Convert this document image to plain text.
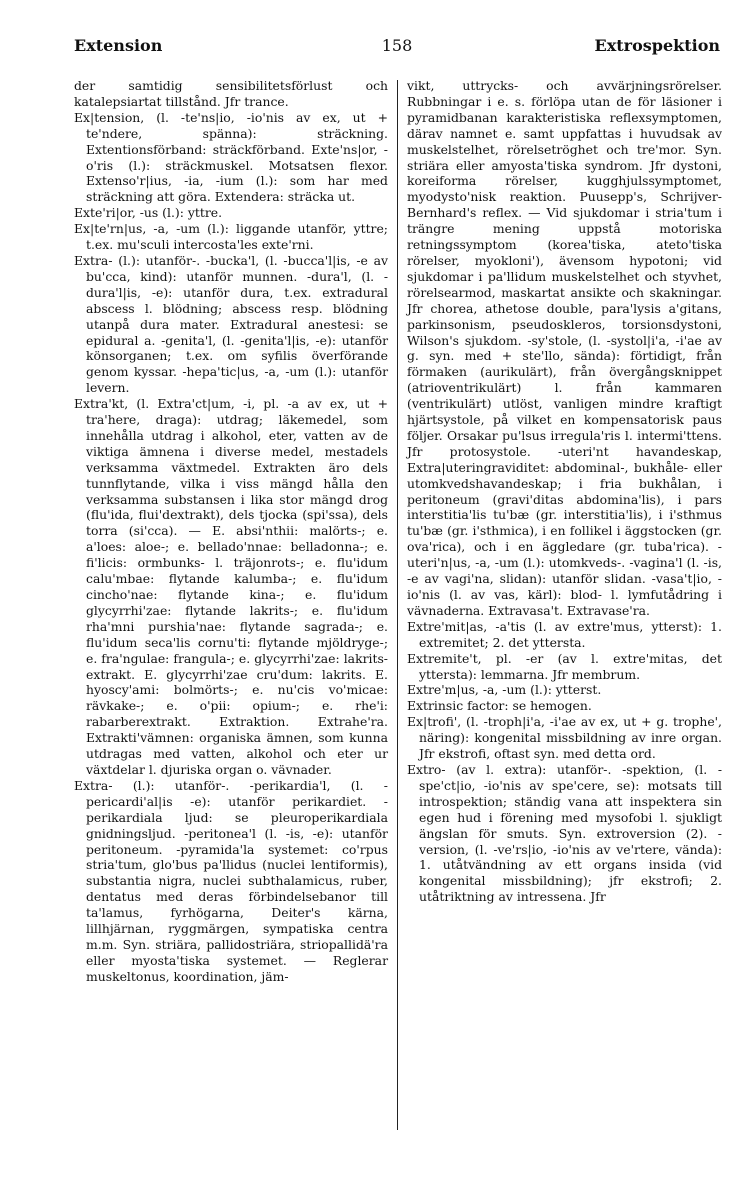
Extension	158	Extrospektion

der samtidig sensibilitetsförlust och katalepsiartat tillstånd. Jfr trance.

Ex|tension, (l. -te'ns|io, -io'nis av ex, ut + te'ndere, spänna): sträckning. Extentionsförband: sträckförband. Exte'ns|or, -o'ris (l.): sträckmuskel. Motsatsen flexor. Extenso'r|ius, -ia, -ium (l.): som har med sträckning att göra. Extendera: sträcka ut.

Exte'ri|or, -us (l.): yttre.

Ex|te'rn|us, -a, -um (l.): liggande utanför, yttre; t.ex. mu'sculi intercosta'les exte'rni.

Extra- (l.): utanför-. -bucka'l, (l. -bucca'l|is, -e av bu'cca, kind): utanför munnen. -dura'l, (l. -dura'l|is, -e): utanför dura, t.ex. extradural abscess l. blödning; abscess resp. blödning utanpå dura mater. Extradural anestesi: se epidural a. -genita'l, (l. -genita'l|is, -e): utanför könsorganen; t.ex. om syfilis överförande genom kyssar. -hepa'tic|us, -a, -um (l.): utanför levern.

Extra'kt, (l. Extra'ct|um, -i, pl. -a av ex, ut + tra'here, draga): utdrag; läkemedel, som innehålla utdrag i alkohol, eter, vatten av de viktiga ämnena i diverse medel, mestadels verksamma växtmedel. Extrakten äro dels tunnflytande, vilka i viss mängd hålla den verksamma substansen i lika stor mängd drog (flu'ida, flui'dextrakt), dels tjocka (spi'ssa), dels torra (si'cca). — E. absi'nthii: malörts-; e. a'loes: aloe-; e. bellado'nnae: belladonna-; e. fi'licis: ormbunks- l. träjonrots-; e. flu'idum calu'mbae: flytande kalumba-; e. flu'idum cincho'nae: flytande kina-; e. flu'idum glycyrrhi'zae: flytande lakrits-; e. flu'idum rha'mni purshia'nae: flytande sagrada-; e. flu'idum seca'lis cornu'ti: flytande mjöldryge-; e. fra'ngulae: frangula-; e. glycyrrhi'zae: lakrits-extrakt. E. glycyrrhi'zae cru'dum: lakrits. E. hyoscy'ami: bolmörts-; e. nu'cis vo'micae: rävkake-; e. o'pii: opium-; e. rhe'i: rabarberextrakt. Extraktion. Extrahe'ra. Extrakti'vämnen: organiska ämnen, som kunna utdragas med vatten, alkohol och eter ur växtdelar l. djuriska organ o. vävnader.

Extra- (l.): utanför-. -perikardia'l, (l. -pericardi'al|is -e): utanför perikardiet. -perikardiala ljud: se pleuroperikardiala gnidningsljud. -peritonea'l (l. -is, -e): utanför peritoneum. -pyramida'la systemet: co'rpus stria'tum, glo'bus pa'llidus (nuclei lentiformis), substantia nigra, nuclei subthalamicus, ruber, dentatus med deras förbindelsebanor till ta'lamus, fyrhögarna, Deiter's kärna, lillhjärnan, ryggmärgen, sympatiska centra m.m. Syn. striära, pallidostriära, striopallidä'ra eller myosta'tiska systemet. — Reglerar muskeltonus, koordination, jäm-

vikt, uttrycks- och avvärjningsrörelser. Rubbningar i e. s. förlöpa utan de för läsioner i pyramidbanan karakteristiska reflexsymptomen, därav namnet e. samt uppfattas i huvudsak av muskelstelhet, rörelsetröghet och tre'mor. Syn. striära eller amyosta'tiska syndrom. Jfr dystoni, koreiforma rörelser, kugghjulssymptomet, myodysto'nisk reaktion. Puusepp's, Schrijver-Bernhard's reflex. — Vid sjukdomar i stria'tum i trängre mening uppstå motoriska retningssymptom (korea'tiska, ateto'tiska rörelser, myokloni'), ävensom hypotoni; vid sjukdomar i pa'llidum muskelstelhet och styvhet, rörelsearmod, maskartat ansikte och skakningar. Jfr chorea, athetose double, para'lysis a'gitans, parkinsonism, pseudoskleros, torsionsdystoni, Wilson's sjukdom. -sy'stole, (l. -systol|i'a, -i'ae av g. syn. med + ste'llo, sända): förtidigt, från förmaken (aurikulärt), från övergångsknippet (atrioventrikulärt) l. från kammaren (ventrikulärt) utlöst, vanligen mindre kraftigt hjärtsystole, på vilket en kompensatorisk paus följer. Orsakar pu'lsus irregula'ris l. intermi'ttens. Jfr protosystole. -uteri'nt havandeskap, Extra|uteringraviditet: abdominal-, bukhåle- eller utomkvedshavandeskap; i fria bukhålan, i peritoneum (gravi'ditas abdomina'lis), i pars interstitia'lis tu'bæ (gr. interstitia'lis), i i'sthmus tu'bæ (gr. i'sthmica), i en follikel i äggstocken (gr. ova'rica), och i en äggledare (gr. tuba'rica). -uteri'n|us, -a, -um (l.): utomkveds-. -vagina'l (l. -is, -e av vagi'na, slidan): utanför slidan. -vasa't|io, -io'nis (l. av vas, kärl): blod- l. lymfutådring i vävnaderna. Extravasa't. Extravase'ra.

Extre'mit|as, -a'tis (l. av extre'mus, ytterst): 1. extremitet; 2. det yttersta.

Extremite't, pl. -er (av l. extre'mitas, det yttersta): lemmarna. Jfr membrum.

Extre'm|us, -a, -um (l.): ytterst.

Extrinsic factor: se hemogen.

Ex|trofi', (l. -troph|i'a, -i'ae av ex, ut + g. trophe', näring): kongenital missbildning av inre organ. Jfr ekstrofi, oftast syn. med detta ord.

Extro- (av l. extra): utanför-. -spektion, (l. -spe'ct|io, -io'nis av spe'cere, se): motsats till introspektion; ständig vana att inspektera sin egen hud i förening med mysofobi l. sjukligt ängslan för smuts. Syn. extroversion (2). -version, (l. -ve'rs|io, -io'nis av ve'rtere, vända): 1. utåtvändning av ett organs insida (vid kongenital missbildning); jfr ekstrofi; 2. utåtriktning av intressena. Jfr
